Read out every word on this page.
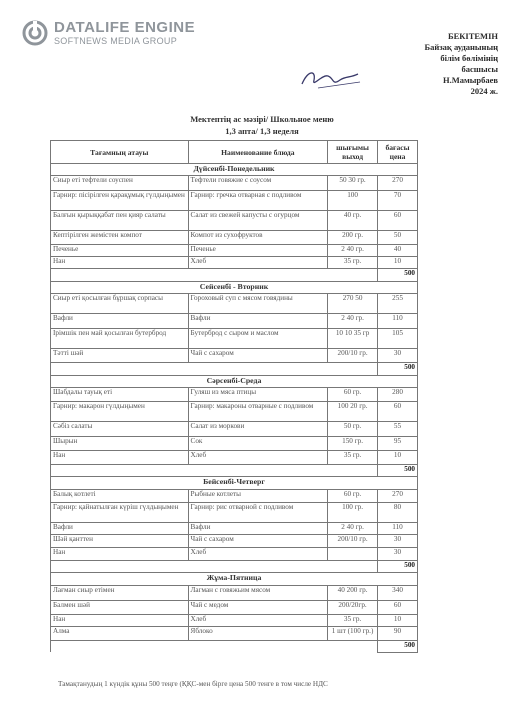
DATALIFE ENGINE
SOFTNEWS MEDIA GROUP	БЕКІТЕМІН
Байзақ ауданының
білім бөлімінің
басшысы
Н.Мамырбаев
2024 ж.
Мектептің ас мәзірі/ Школьное меню
1,3 апта/ 1,3 неделя
Тағамның атауы	Наименование блюда	шығымы выход	бағасы цена
Дүйсенбі-Понедельник			
Сиыр еті тефтели соуспен	Тефтели говяжие с соусом	50 30 гр.	270
Гарнир: пісірілген қарақұмық гүлдыңымен	Гарнир: гречка отварная с подливом	100	70
Балғын қырыққабат пен қияр салаты	Салат из свежей капусты с огурцом	40 гр.	60
Кептірілген жемістен компот	Компот из сухофруктов	200 гр.	50
Печенье	Печенье	2 40 гр.	40
Нан	Хлеб	35 гр.	10
			500
Сейсенбі - Вторник			
Сиыр еті қосылған бұршақ сорпасы	Гороховый суп с мясом говядины	270 50	255
Вафли	Вафли	2 40 гр.	110
Ірімшік пен май қосылған бутерброд	Бутерброд с сыром и маслом	10 10 35 гр	105
Тәтті шәй	Чай с сахаром	200/10 гр.	30
			500
Сәрсенбі-Среда			
Шабдалы тауық еті	Гуляш из мяса птицы	60 гр.	280
Гарнир: макарон гүлдыңымен	Гарнир: макароны отварные с подливом	100 20 гр.	60
Сәбіз салаты	Салат из моркови	50 гр.	55
Шырын	Сок	150 гр.	95
Нан	Хлеб	35 гр.	10
			500
Бейсенбі-Четверг			
Балық котлеті	Рыбные котлеты	60 гр.	270
Гарнир: қайнатылған күріш гүлдыңымен	Гарнир: рис отварной с подливом	100 гр.	80
Вафли	Вафли	2 40 гр.	110
Шәй қанттен	Чай с сахаром	200/10 гр.	30
Нан	Хлеб		30
			500
Жұма-Пятница			
Лағман сиыр етімен	Лагман с говяжьим мясом	40 200 гр.	340
Балмен шәй	Чай с медом	200/20гр.	60
Нан	Хлеб	35 гр.	10
Алма	Яблоко	1 шт (100 гр.)	90
			500
Тамақтанудың 1 күндік құны 500 теңге (ҚҚС-мен бірге цена 500 тенге в том числе НДС
